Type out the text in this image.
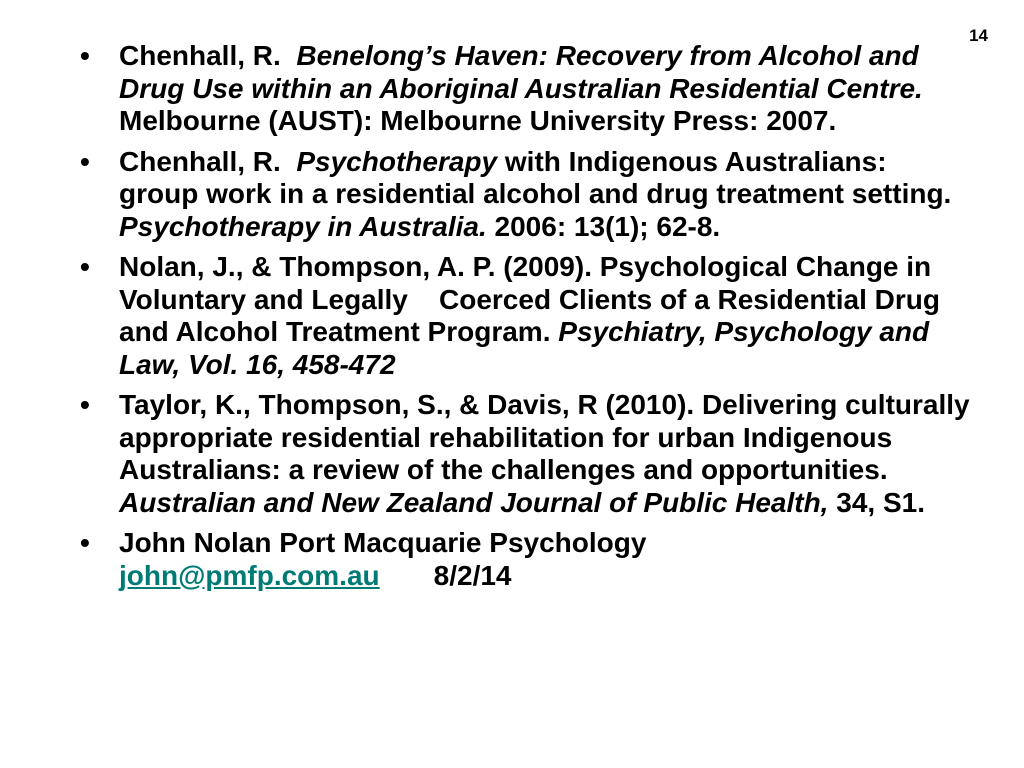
14
•	Chenhall, R.  Benelong’s Haven: Recovery from Alcohol and Drug Use within an Aboriginal Australian Residential Centre. Melbourne (AUST): Melbourne University Press: 2007.
•	Chenhall, R.  Psychotherapy with Indigenous Australians: group work in a residential alcohol and drug treatment setting. Psychotherapy in Australia. 2006: 13(1); 62-8.
•	Nolan, J., & Thompson, A. P. (2009). Psychological Change in Voluntary and Legally Coerced Clients of a Residential Drug and Alcohol Treatment Program. Psychiatry, Psychology and Law, Vol. 16, 458-472
•	Taylor, K., Thompson, S., & Davis, R (2010). Delivering culturally appropriate residential rehabilitation for urban Indigenous Australians: a review of the challenges and opportunities. Australian and New Zealand Journal of Public Health, 34, S1.
•	John Nolan Port Macquarie Psychology
john@pmfp.com.au 8/2/14
